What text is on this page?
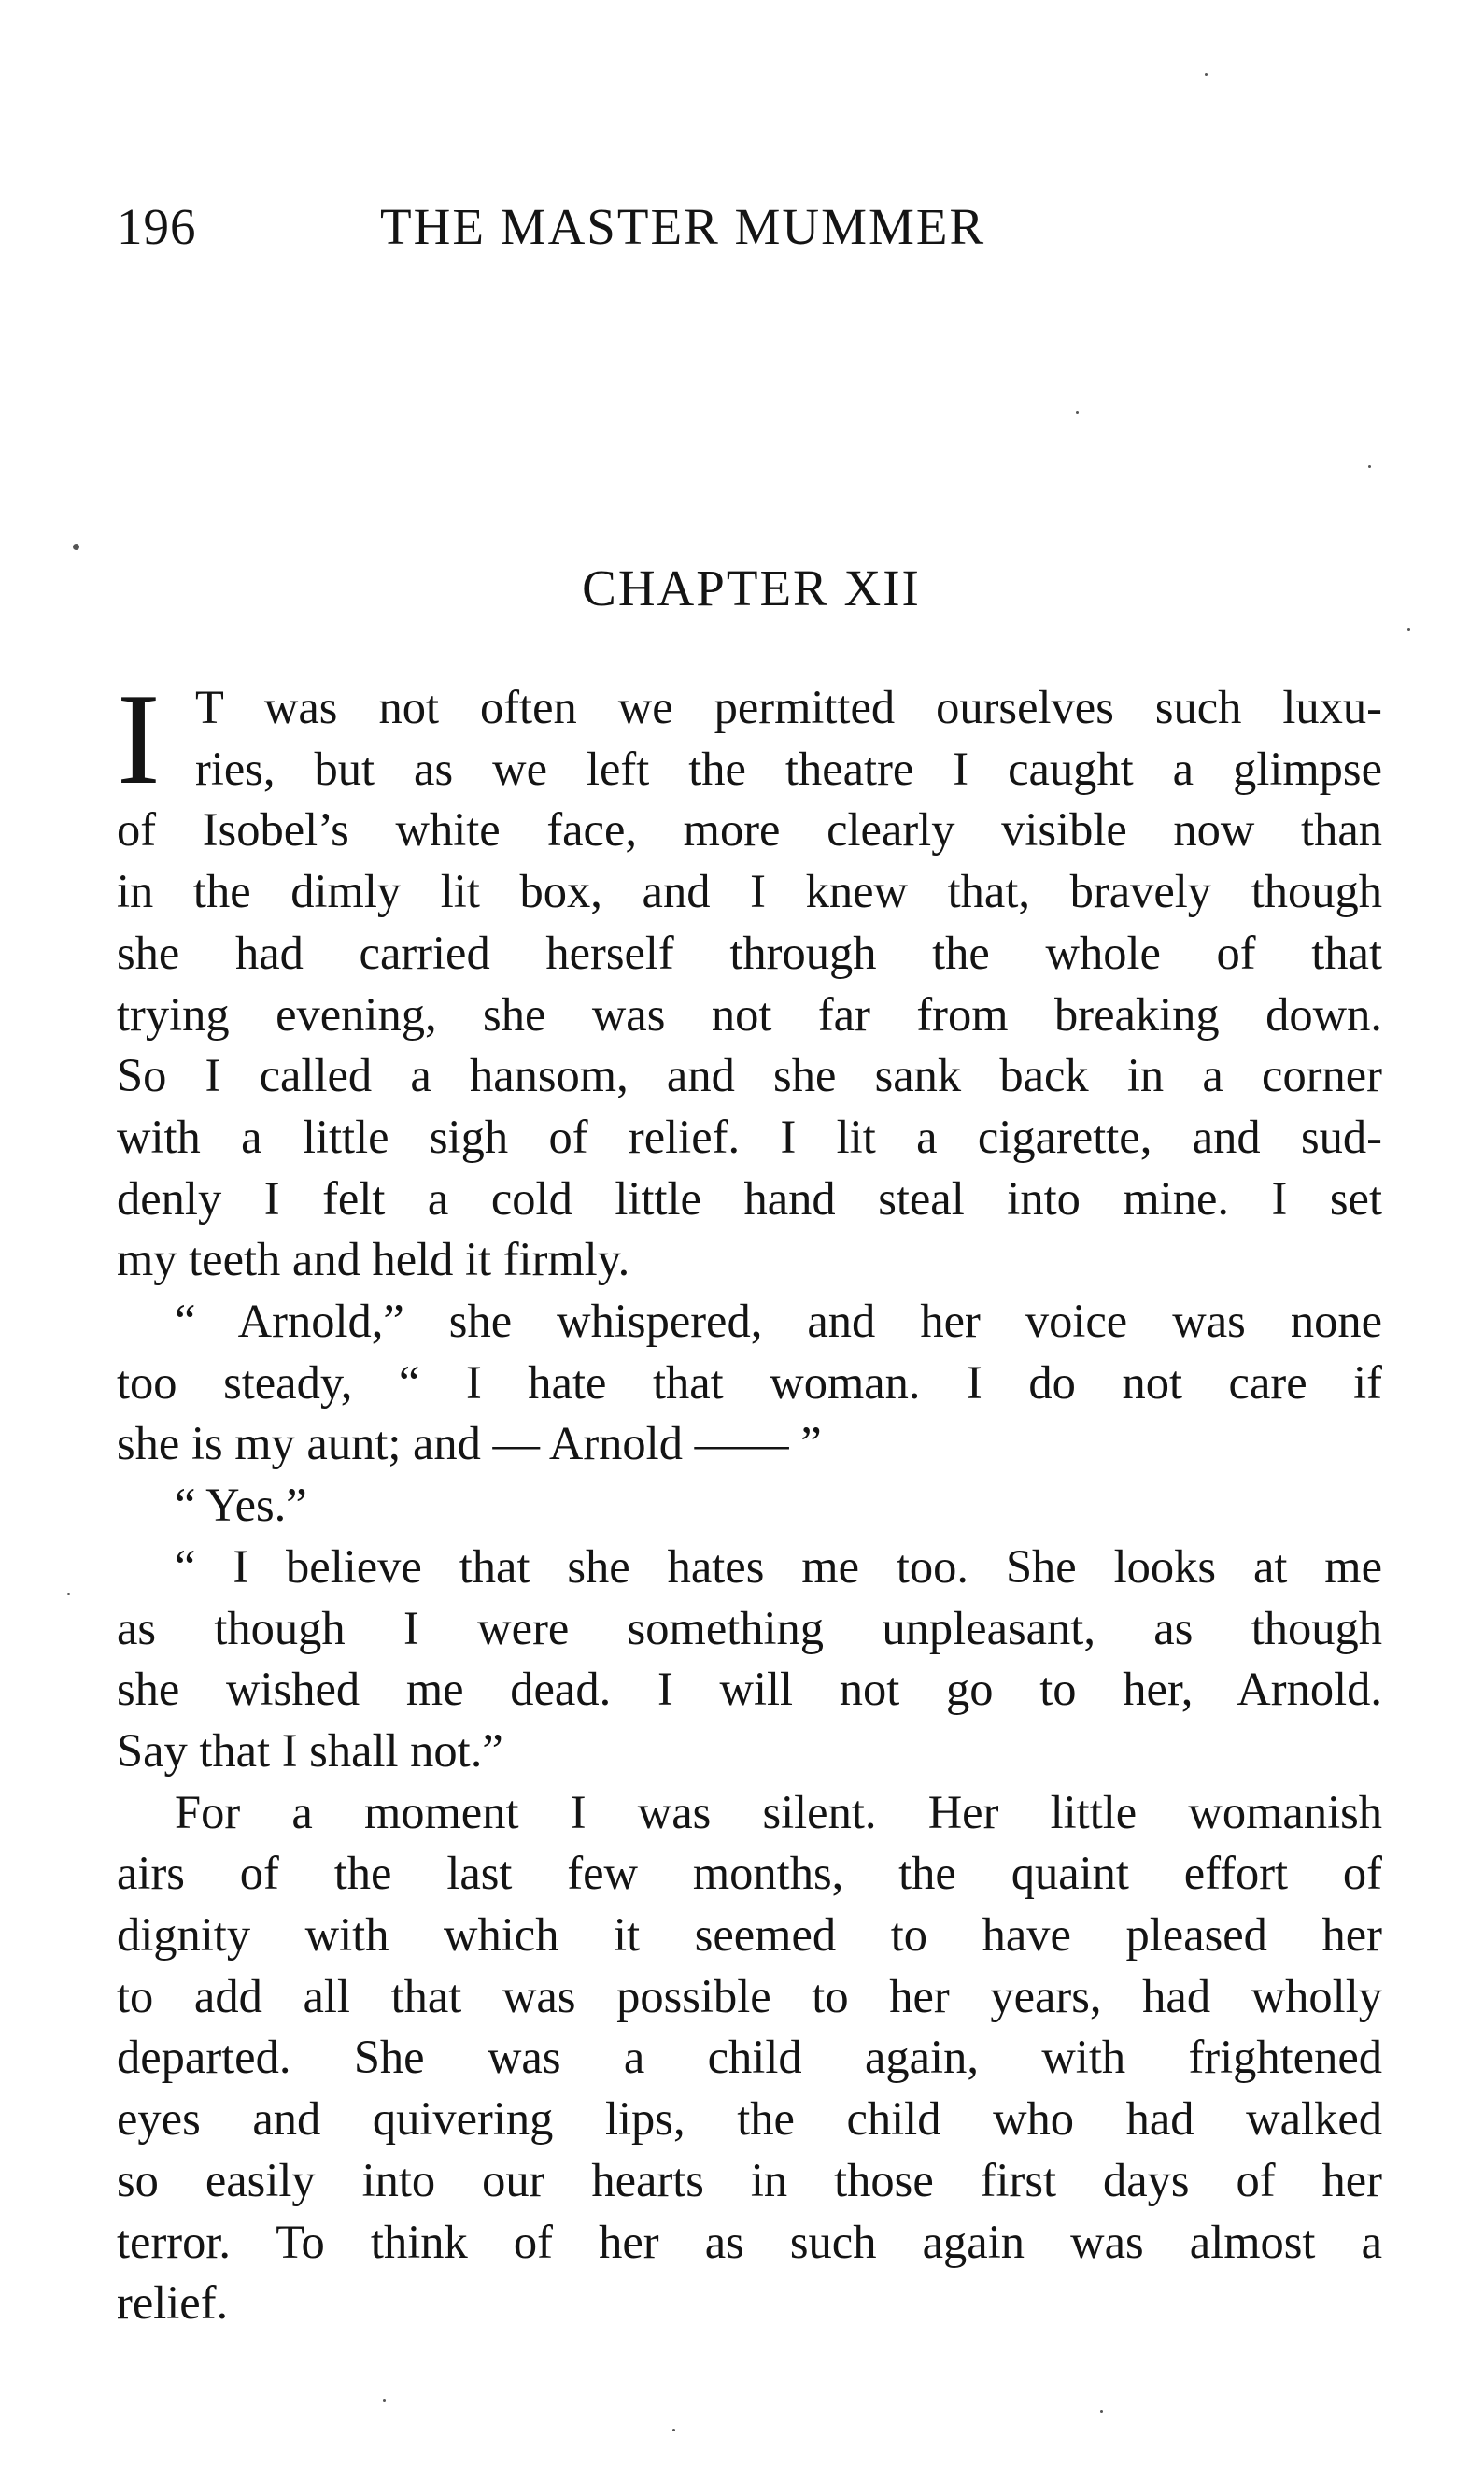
196	THE MASTER MUMMER
CHAPTER XII
I T was not often we permitted ourselves such luxu-
ries, but as we left the theatre I caught a glimpse
of Isobel’s white face, more clearly visible now than
in the dimly lit box, and I knew that, bravely though
she had carried herself through the whole of that
trying evening, she was not far from breaking down.
So I called a hansom, and she sank back in a corner
with a little sigh of relief. I lit a cigarette, and sud-
denly I felt a cold little hand steal into mine. I set
my teeth and held it firmly.
“ Arnold,” she whispered, and her voice was none
too steady, “ I hate that woman. I do not care if
she is my aunt; and — Arnold —— ”
“ Yes.”
“ I believe that she hates me too. She looks at me
as though I were something unpleasant, as though
she wished me dead. I will not go to her, Arnold.
Say that I shall not.”
For a moment I was silent. Her little womanish
airs of the last few months, the quaint effort of
dignity with which it seemed to have pleased her
to add all that was possible to her years, had wholly
departed. She was a child again, with frightened
eyes and quivering lips, the child who had walked
so easily into our hearts in those first days of her
terror. To think of her as such again was almost a
relief.
